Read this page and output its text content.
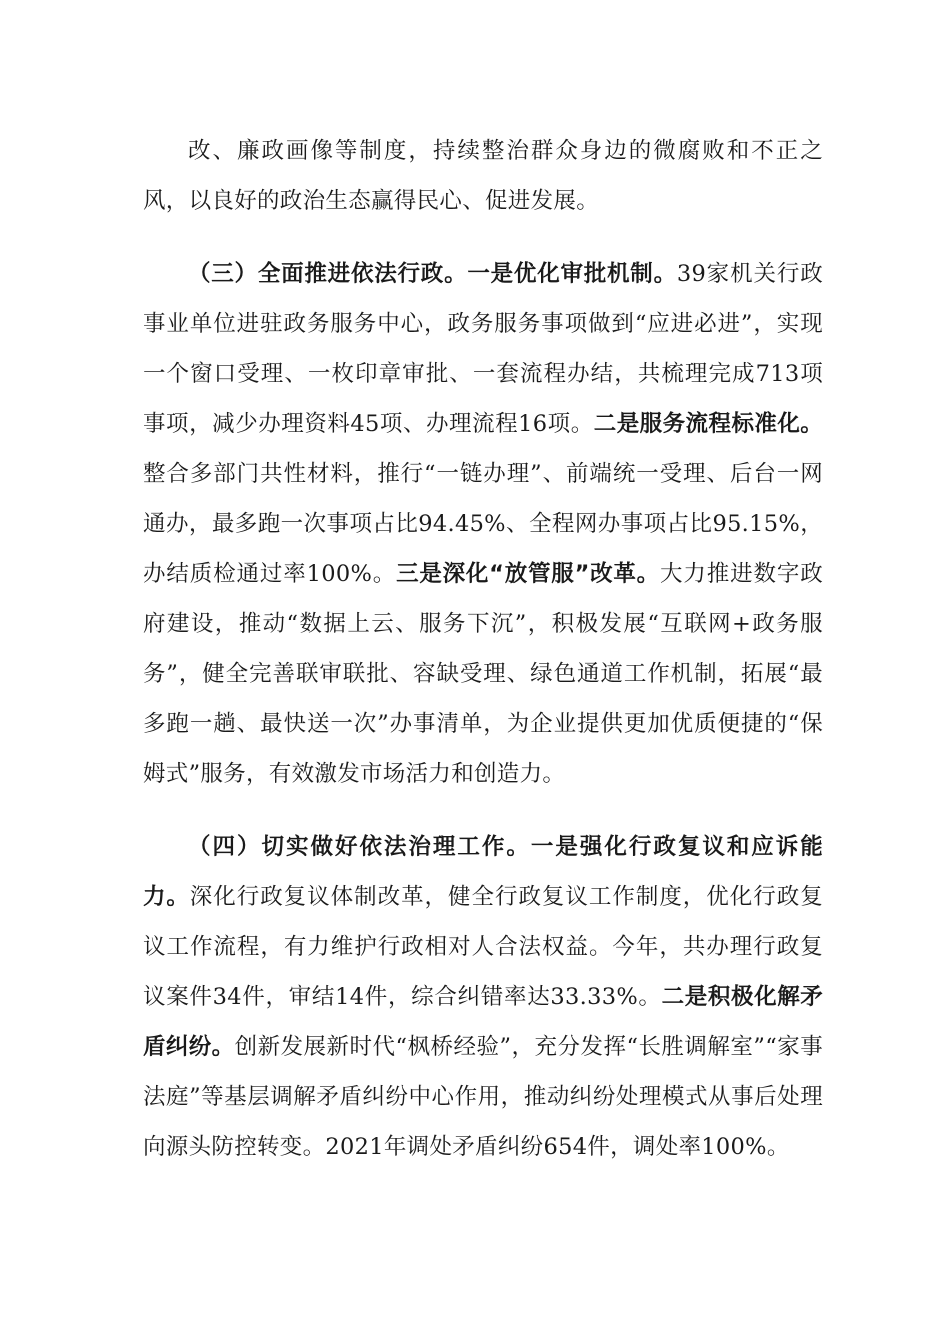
改、廉政画像等制度，持续整治群众身边的微腐败和不正之风，以良好的政治生态赢得民心、促进发展。

（三）全面推进依法行政。一是优化审批机制。39家机关行政事业单位进驻政务服务中心，政务服务事项做到“应进必进”，实现一个窗口受理、一枚印章审批、一套流程办结，共梳理完成713项事项，减少办理资料45项、办理流程16项。二是服务流程标准化。整合多部门共性材料，推行“一链办理”、前端统一受理、后台一网通办，最多跑一次事项占比94.45%、全程网办事项占比95.15%，办结质检通过率100%。三是深化“放管服”改革。大力推进数字政府建设，推动“数据上云、服务下沉”，积极发展“互联网+政务服务”，健全完善联审联批、容缺受理、绿色通道工作机制，拓展“最多跑一趟、最快送一次”办事清单，为企业提供更加优质便捷的“保姆式”服务，有效激发市场活力和创造力。

（四）切实做好依法治理工作。一是强化行政复议和应诉能力。深化行政复议体制改革，健全行政复议工作制度，优化行政复议工作流程，有力维护行政相对人合法权益。今年，共办理行政复议案件34件，审结14件，综合纠错率达33.33%。二是积极化解矛盾纠纷。创新发展新时代“枫桥经验”，充分发挥“长胜调解室”“家事法庭”等基层调解矛盾纠纷中心作用，推动纠纷处理模式从事后处理向源头防控转变。2021年调处矛盾纠纷654件，调处率100%。
